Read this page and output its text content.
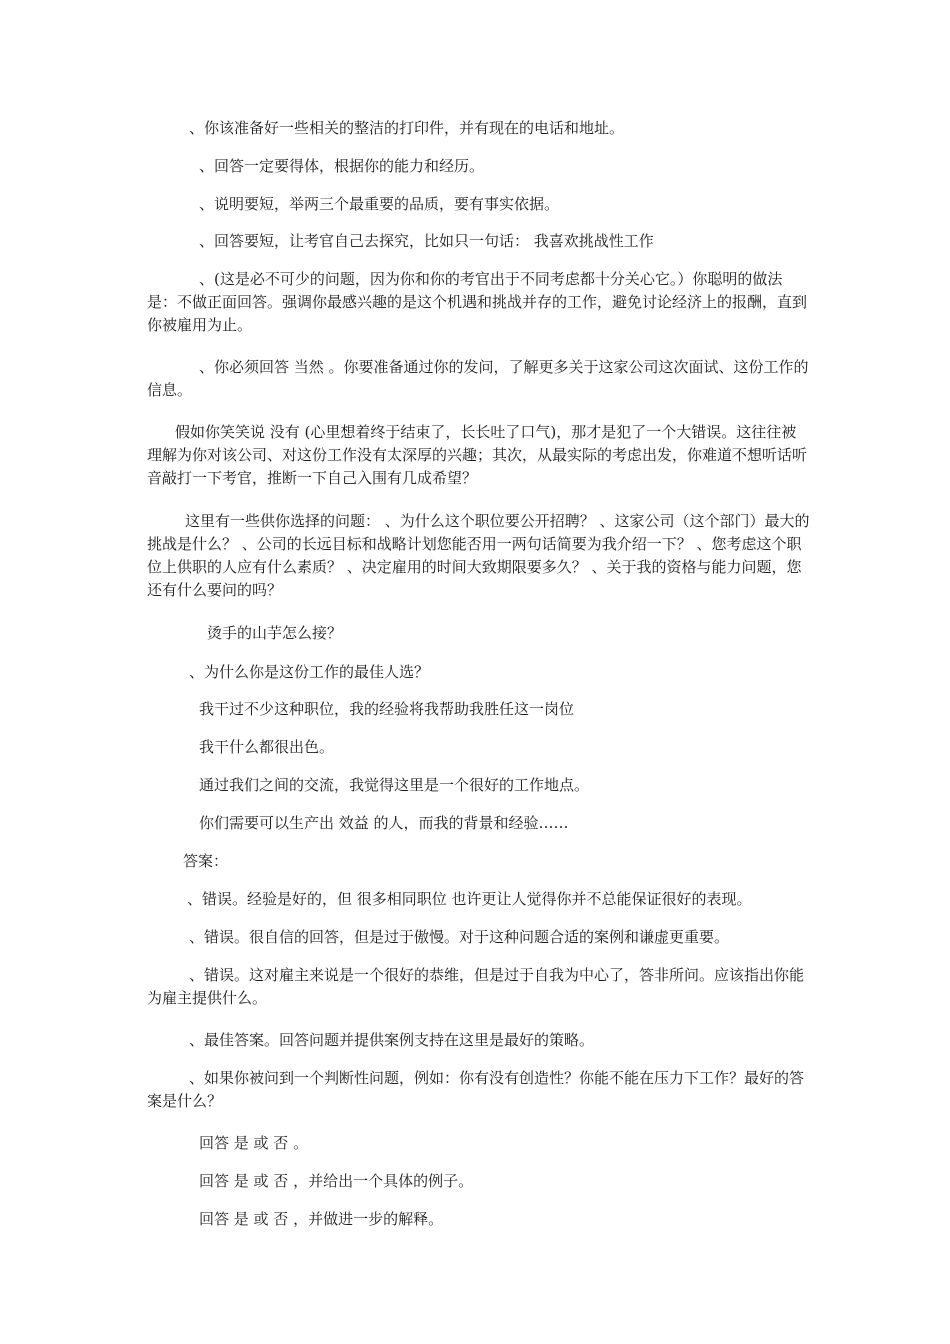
、你该准备好一些相关的整洁的打印件，并有现在的电话和地址。

、回答一定要得体，根据你的能力和经历。

、说明要短，举两三个最重要的品质，要有事实依据。

、回答要短，让考官自己去探究，比如只一句话： 我喜欢挑战性工作

、(这是必不可少的问题，因为你和你的考官出于不同考虑都十分关心它。）你聪明的做法是：不做正面回答。强调你最感兴趣的是这个机遇和挑战并存的工作，避免讨论经济上的报酬，直到你被雇用为止。

、你必须回答 当然 。你要准备通过你的发问，了解更多关于这家公司这次面试、这份工作的信息。

假如你笑笑说 没有 (心里想着终于结束了，长长吐了口气)，那才是犯了一个大错误。这往往被理解为你对该公司、对这份工作没有太深厚的兴趣；其次，从最实际的考虑出发，你难道不想听话听音敲打一下考官，推断一下自己入围有几成希望？

这里有一些供你选择的问题： 、为什么这个职位要公开招聘？ 、这家公司（这个部门）最大的挑战是什么？ 、公司的长远目标和战略计划您能否用一两句话简要为我介绍一下？ 、您考虑这个职位上供职的人应有什么素质？ 、决定雇用的时间大致期限要多久？ 、关于我的资格与能力问题，您还有什么要问的吗？

烫手的山芋怎么接？

、为什么你是这份工作的最佳人选？

我干过不少这种职位，我的经验将我帮助我胜任这一岗位

我干什么都很出色。

通过我们之间的交流，我觉得这里是一个很好的工作地点。

你们需要可以生产出 效益 的人，而我的背景和经验……

答案：

、错误。经验是好的，但 很多相同职位 也许更让人觉得你并不总能保证很好的表现。

、错误。很自信的回答，但是过于傲慢。对于这种问题合适的案例和谦虚更重要。

、错误。这对雇主来说是一个很好的恭维，但是过于自我为中心了，答非所问。应该指出你能为雇主提供什么。

、最佳答案。回答问题并提供案例支持在这里是最好的策略。

、如果你被问到一个判断性问题，例如：你有没有创造性？你能不能在压力下工作？最好的答案是什么？

回答 是 或 否 。

回答 是 或 否 ，并给出一个具体的例子。

回答 是 或 否 ，并做进一步的解释。
